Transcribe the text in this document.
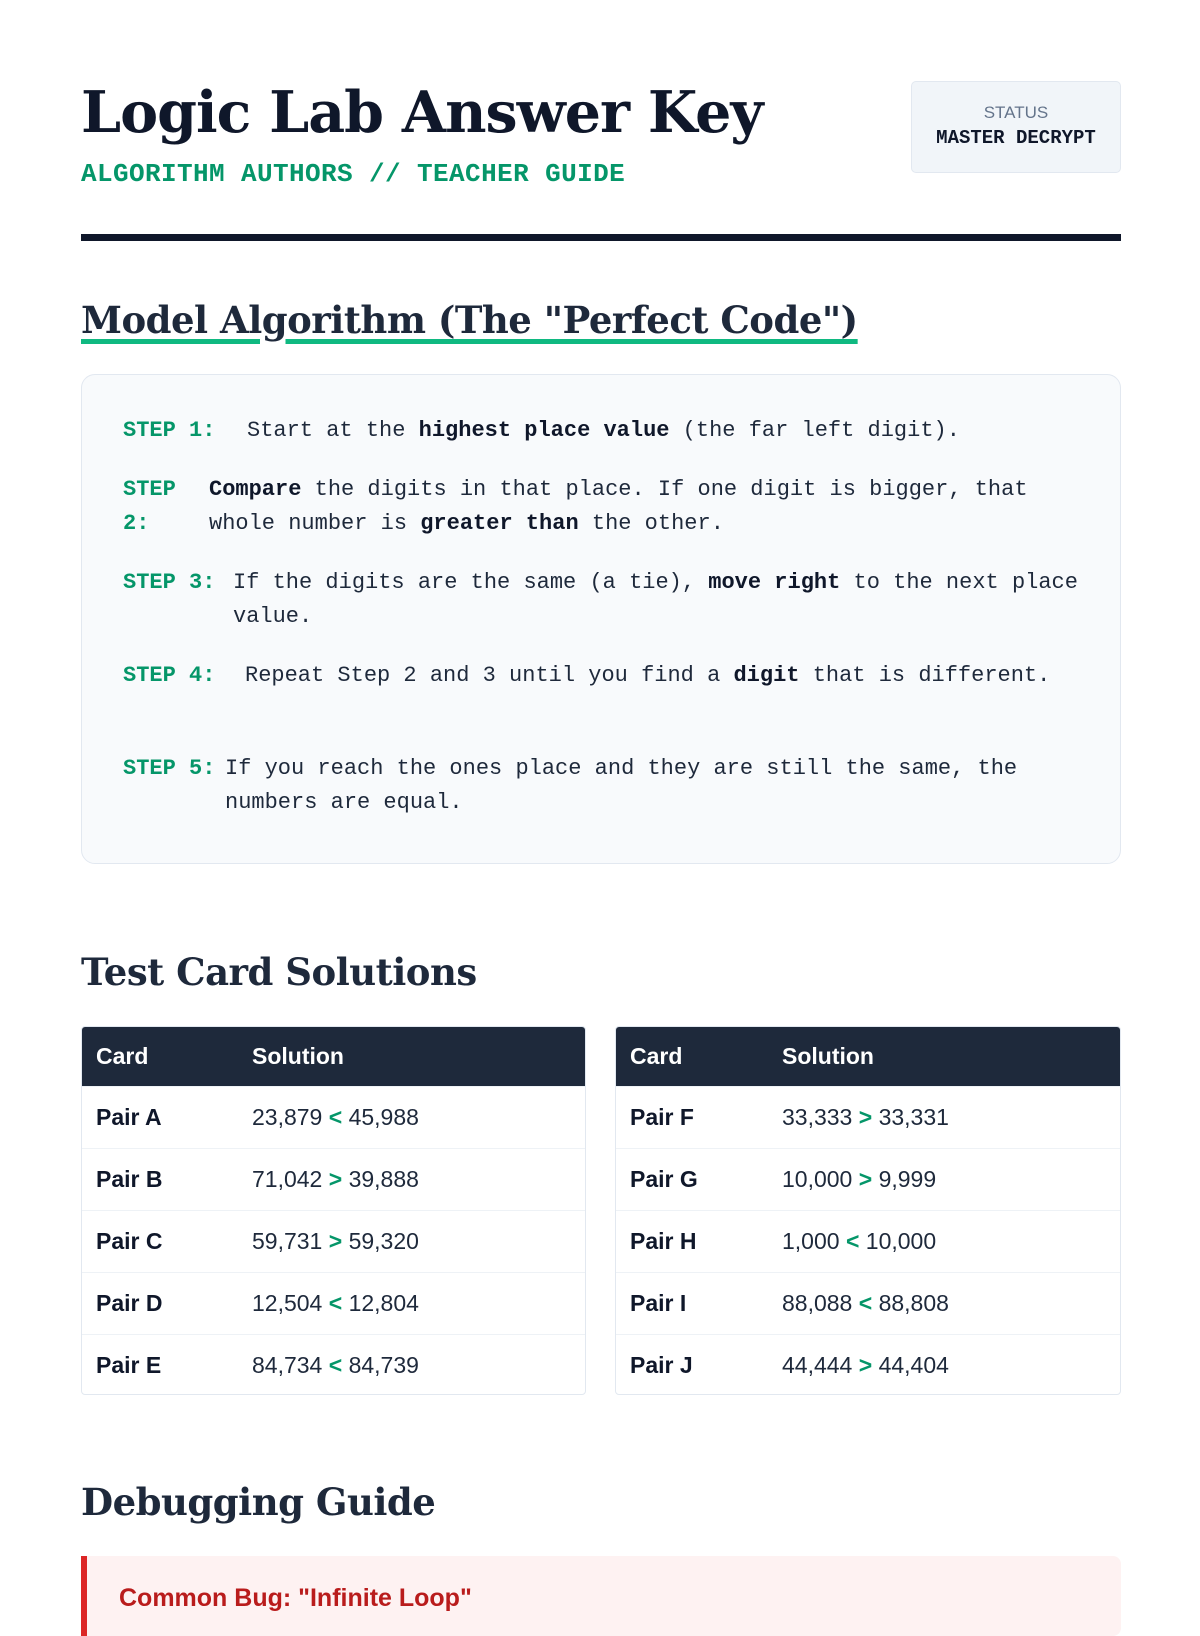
Logic Lab Answer Key
ALGORITHM AUTHORS // TEACHER GUIDE
STATUS
MASTER DECRYPT
Model Algorithm (The "Perfect Code")
STEP 1:	Start at the highest place value (the far left digit).
STEP 2:
Compare the digits in that place. If one digit is bigger, that whole number is greater than the other.
STEP 3: If the digits are the same (a tie), move right to the next place value.
STEP 4:	Repeat Step 2 and 3 until you find a digit that is different.
STEP 5: If you reach the ones place and they are still the same, the numbers are equal.
Test Card Solutions
Card	Solution
Pair A	23,879 < 45,988
Pair B	71,042 > 39,888
Pair C	59,731 > 59,320
Pair D	12,504 < 12,804
Pair E	84,734 < 84,739
Card	Solution
Pair F	33,333 > 33,331
Pair G	10,000 > 9,999
Pair H	1,000 < 10,000
Pair I	88,088 < 88,808
Pair J	44,444 > 44,404
Debugging Guide
Common Bug: "Infinite Loop"
